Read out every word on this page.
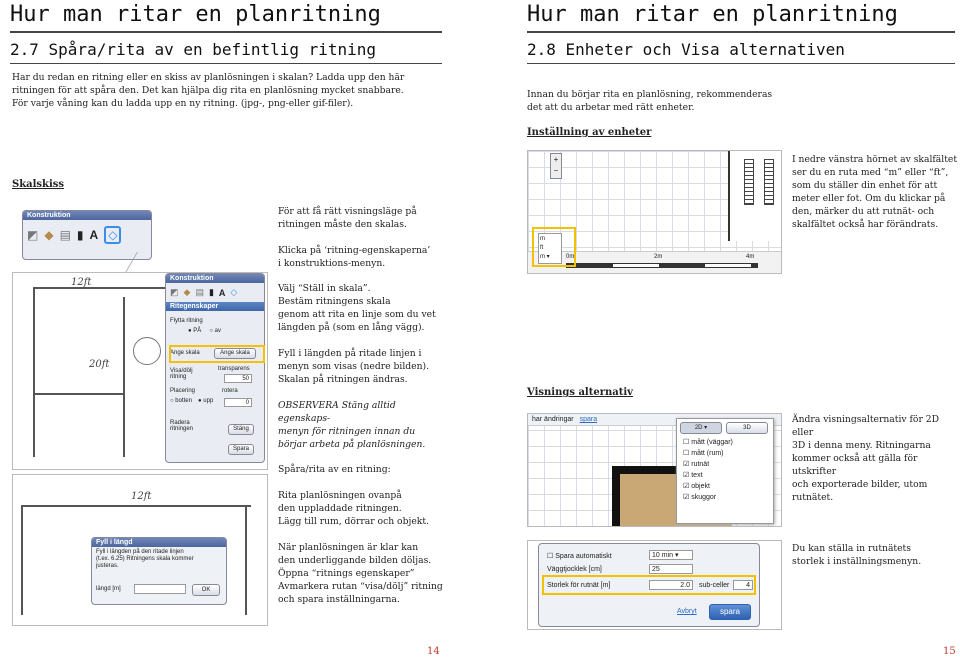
Hur man ritar en planritning
2.7 Spåra/rita av en befintlig ritning

Har du redan en ritning eller en skiss av planlösningen i skalan? Ladda upp den här

ritningen för att spåra den. Det kan hjälpa dig rita en planlösning mycket snabbare.

För varje våning kan du ladda upp en ny ritning. (jpg-, png-eller gif-filer).

Skalskiss
Konstruktion
◩ ◆ ▤ ▮ A ◇
12ft
20ft
Konstruktion
◩ ◆ ▤ ▮ A ◇
Ritegenskaper
Flytta ritning
● PÅ ○ av
Ange skala	Ange skala
Visa/dölj ritning
transparens
50
Placering	rotera
○ botten ● upp	0
Radera ritningen	Stäng
Spara
12ft
Fyll i längd
Fyll i längden på den ritade linjen
(t.ex. 6.25) Ritningens skala kommer
justeras.
längd [m]	OK

För att få rätt visningsläge på

ritningen måste den skalas.

Klicka på ‘ritning-egenskaperna’

i konstruktions-menyn.

Välj “Ställ in skala”.

Bestäm ritningens skala

genom att rita en linje som du vet

längden på (som en lång vägg).

Fyll i längden på ritade linjen i

menyn som visas (nedre bilden).

Skalan på ritningen ändras.

OBSERVERA Stäng alltid egenskaps-

menyn för ritningen innan du

börjar arbeta på planlösningen.

Spåra/rita av en ritning:

Rita planlösningen ovanpå

den uppladdade ritningen.

Lägg till rum, dörrar och objekt.

När planlösningen är klar kan

den underliggande bilden döljas.

Öppna “ritnings egenskaper”

Avmarkera rutan “visa/dölj” ritning

och spara inställningarna.

14
Hur man ritar en planritning
2.8 Enheter och Visa alternativen

Innan du börjar rita en planlösning, rekommenderas

det att du arbetar med rätt enheter.

Inställning av enheter
+
−
0m	2m	4m
m
ft
m ▾

I nedre vänstra hörnet av skalfältet

ser du en ruta med “m” eller “ft”,

som du ställer din enhet för att

meter eller fot. Om du klickar på

den, märker du att rutnät- och

skalfältet också har förändrats.

Visnings alternativ
har ändringar spara
2D ▾	3D
☐ mått (väggar)
☐ mått (rum)
☑ rutnät
☑ text
☑ objekt
☑ skuggor

Ändra visningsalternativ för 2D eller

3D i denna meny. Ritningarna

kommer också att gälla för utskrifter

och exporterade bilder, utom rutnätet.

☐ Spara automatiskt	10 min ▾
Väggtjocklek [cm]	25
Storlek för rutnät [m]	2.0	sub-celler	4
Avbryt	spara

Du kan ställa in rutnätets

storlek i inställningsmenyn.

15
